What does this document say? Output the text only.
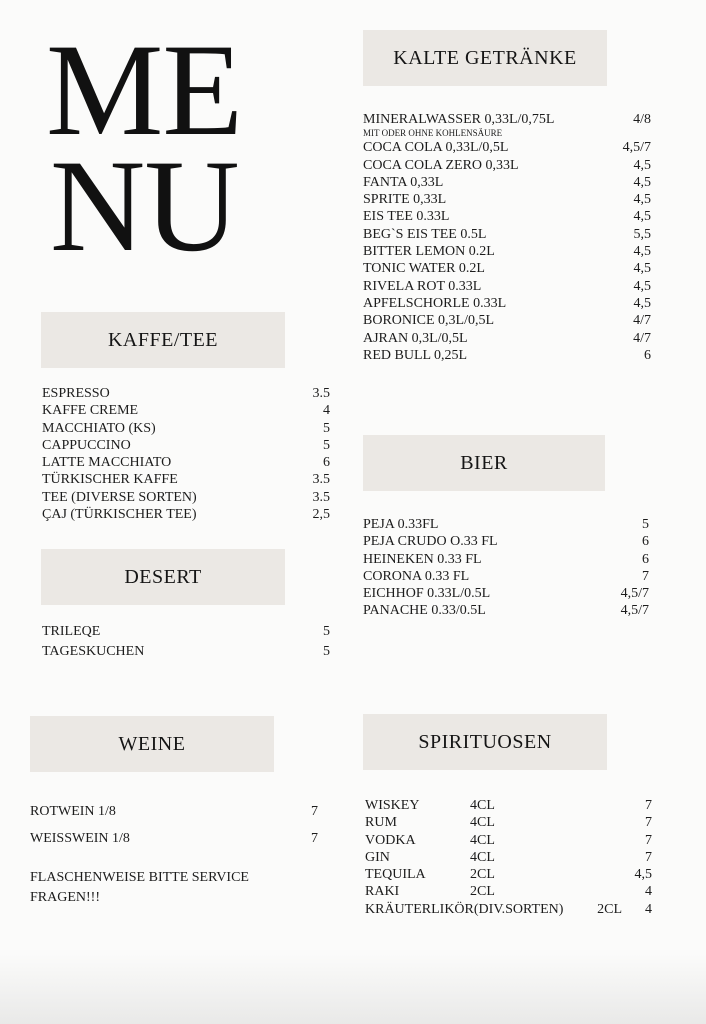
ME
NU
KAFFE/TEE
ESPRESSO	3.5
KAFFE CREME	4
MACCHIATO (KS)	5
CAPPUCCINO	5
LATTE MACCHIATO	6
TÜRKISCHER KAFFE	3.5
TEE (DIVERSE SORTEN)	3.5
ÇAJ (TÜRKISCHER TEE)	2,5
DESERT
TRILEQE	5
TAGESKUCHEN	5
WEINE
ROTWEIN 1/8	7
WEISSWEIN 1/8	7
FLASCHENWEISE BITTE SERVICE FRAGEN!!!
KALTE GETRÄNKE
MINERALWASSER 0,33L/0,75L	4/8
MIT ODER OHNE KOHLENSÄURE
COCA COLA 0,33L/0,5L	4,5/7
COCA COLA ZERO 0,33L	4,5
FANTA 0,33L	4,5
SPRITE 0,33L	4,5
EIS TEE 0.33L	4,5
BEG`S EIS TEE 0.5L	5,5
BITTER LEMON 0.2L	4,5
TONIC WATER 0.2L	4,5
RIVELA ROT 0.33L	4,5
APFELSCHORLE 0.33L	4,5
BORONICE 0,3L/0,5L	4/7
AJRAN 0,3L/0,5L	4/7
RED BULL 0,25L	6
BIER
PEJA 0.33FL	5
PEJA CRUDO O.33 FL	6
HEINEKEN 0.33 FL	6
CORONA 0.33 FL	7
EICHHOF 0.33L/0.5L	4,5/7
PANACHE 0.33/0.5L	4,5/7
SPIRITUOSEN
WISKEY	4CL	7
RUM	4CL	7
VODKA	4CL	7
GIN	4CL	7
TEQUILA	2CL	4,5
RAKI	2CL	4
KRÄUTERLIKÖR(DIV.SORTEN) 2CL 4
